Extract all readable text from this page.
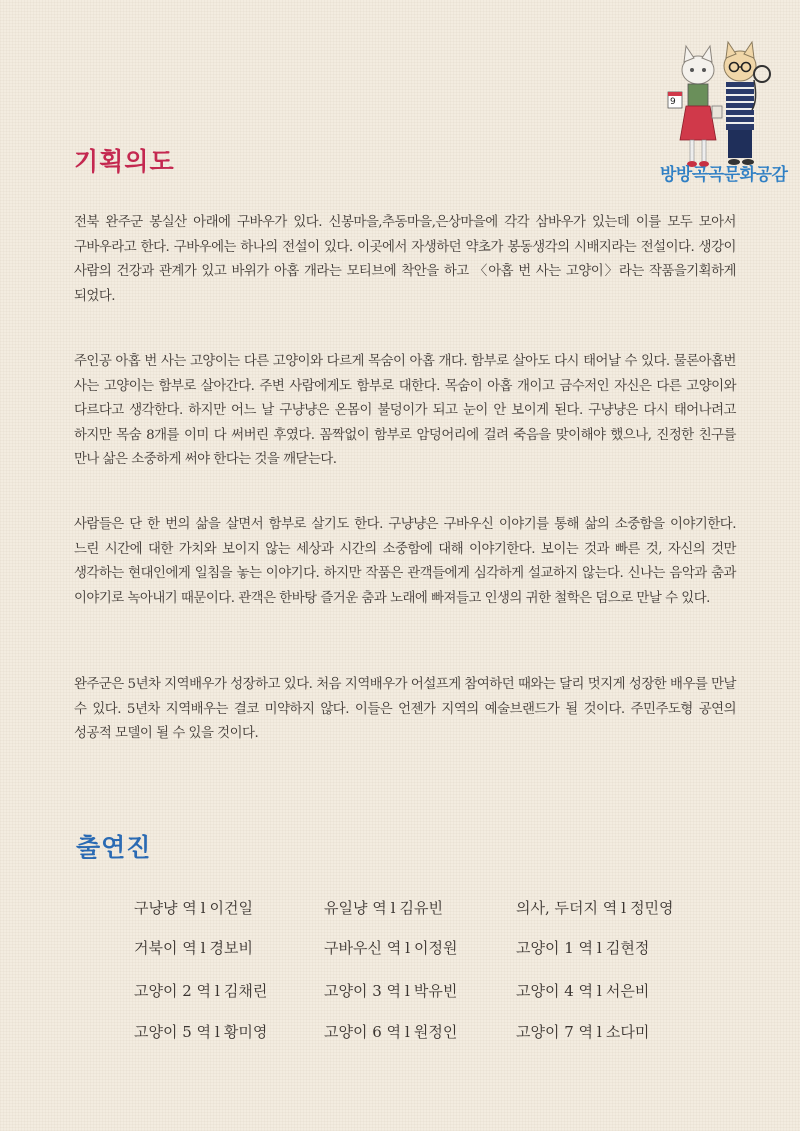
9
방방곡곡문화공감
기획의도

전북 완주군 봉실산 아래에 구바우가 있다. 신봉마을,추동마을,은상마을에 각각 삼바우가 있는데 이를 모두 모아서 구바우라고 한다. 구바우에는 하나의 전설이 있다. 이곳에서 자생하던 약초가 봉동생각의 시배지라는 전설이다. 생강이 사람의 건강과 관계가 있고 바위가 아홉 개라는 모티브에 착안을 하고 〈아홉 번 사는 고양이〉라는 작품을기획하게 되었다.

주인공 아홉 번 사는 고양이는 다른 고양이와 다르게 목숨이 아홉 개다. 함부로 살아도 다시 태어날 수 있다. 물론아홉번 사는 고양이는 함부로 살아간다. 주변 사람에게도 함부로 대한다. 목숨이 아홉 개이고 금수저인 자신은 다른 고양이와 다르다고 생각한다. 하지만 어느 날 구냥냥은 온몸이 불덩이가 되고 눈이 안 보이게 된다. 구냥냥은 다시 태어나려고 하지만 목숨 8개를 이미 다 써버린 후였다. 꼼짝없이 함부로 암덩어리에 걸려 죽음을 맞이해야 했으나, 진정한 친구를 만나 삶은 소중하게 써야 한다는 것을 깨닫는다.

사람들은 단 한 번의 삶을 살면서 함부로 살기도 한다. 구냥냥은 구바우신 이야기를 통해 삶의 소중함을 이야기한다. 느린 시간에 대한 가치와 보이지 않는 세상과 시간의 소중함에 대해 이야기한다. 보이는 것과 빠른 것, 자신의 것만 생각하는 현대인에게 일침을 놓는 이야기다. 하지만 작품은 관객들에게 심각하게 설교하지 않는다. 신나는 음악과 춤과 이야기로 녹아내기 때문이다. 관객은 한바탕 즐거운 춤과 노래에 빠져들고 인생의 귀한 철학은 덤으로 만날 수 있다.

완주군은 5년차 지역배우가 성장하고 있다. 처음 지역배우가 어설프게 참여하던 때와는 달리 멋지게 성장한 배우를 만날 수 있다. 5년차 지역배우는 결코 미약하지 않다. 이들은 언젠가 지역의 예술브랜드가 될 것이다. 주민주도형 공연의 성공적 모델이 될 수 있을 것이다.

출연진
구냥냥 역 l 이건일	유일냥 역 l 김유빈	의사, 두더지 역 l 정민영
거북이 역 l 경보비	구바우신 역 l 이정원	고양이 1 역 l 김현정
고양이 2 역 l 김채린	고양이 3 역 l 박유빈	고양이 4 역 l 서은비
고양이 5 역 l 황미영	고양이 6 역 l 원정인	고양이 7 역 l 소다미
